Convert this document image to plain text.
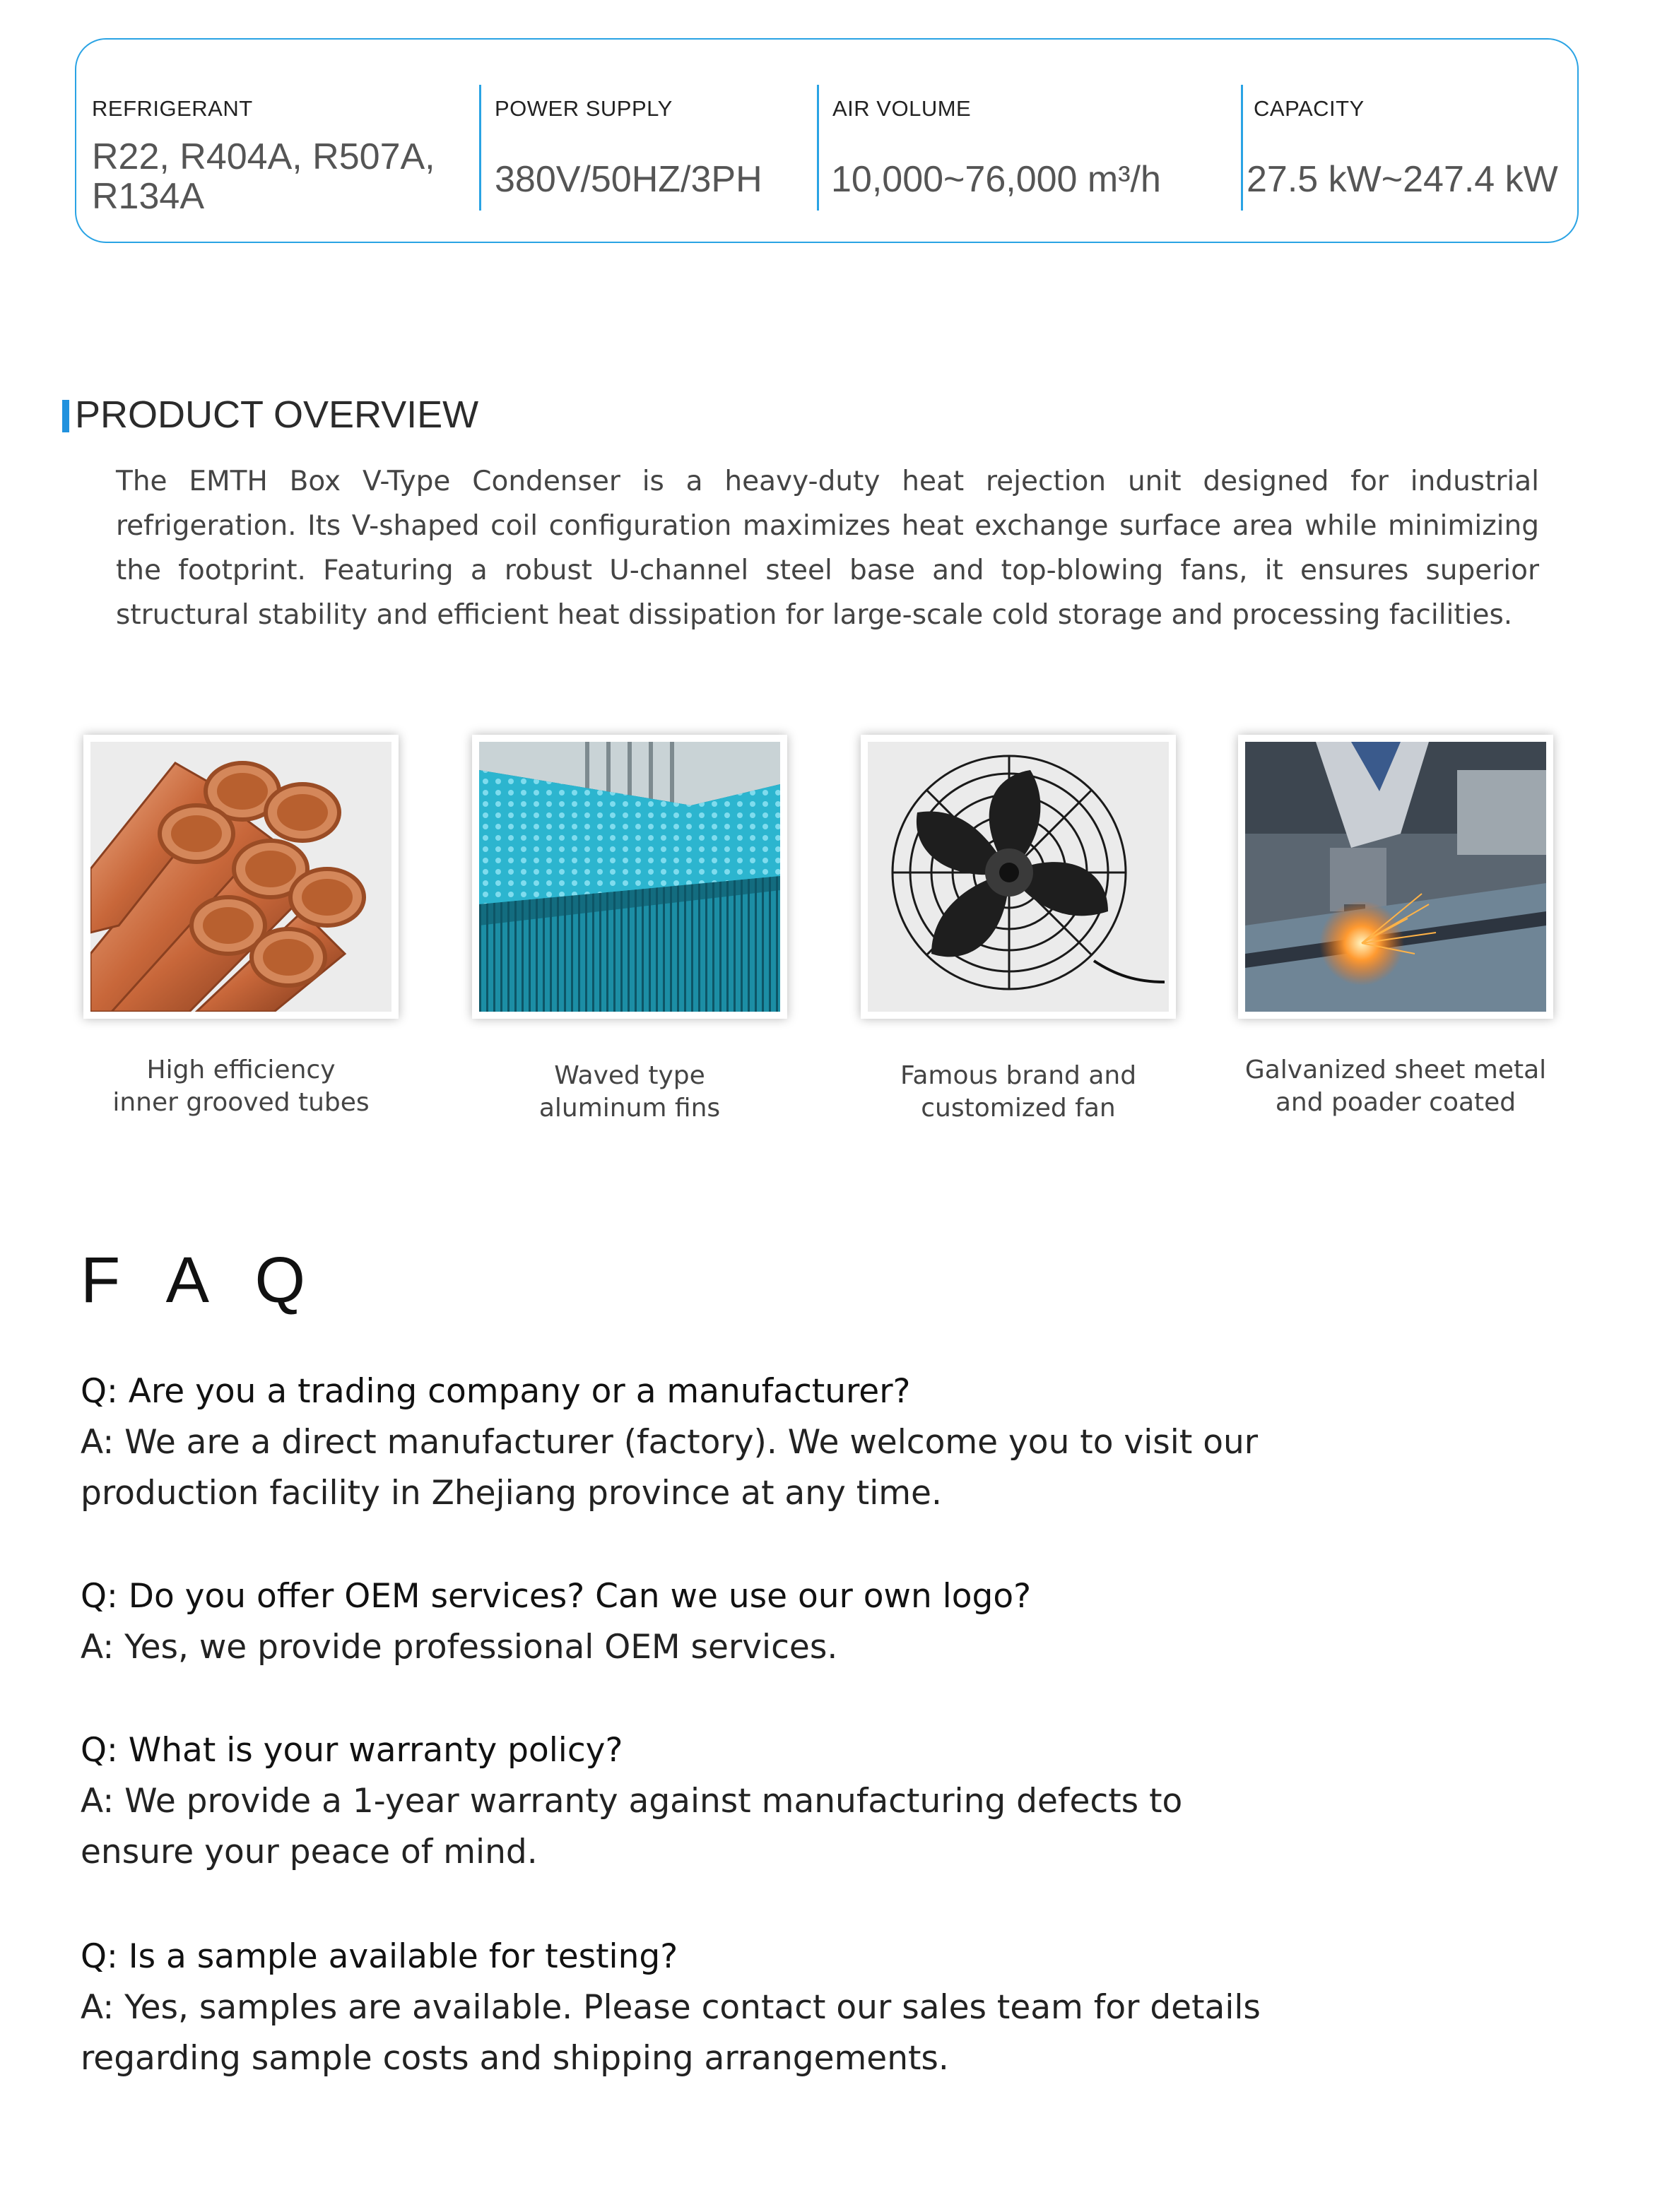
REFRIGERANT
R22, R404A, R507A,
R134A
POWER SUPPLY
380V/50HZ/3PH
AIR VOLUME
10,000~76,000 m³/h
CAPACITY
27.5 kW~247.4 kW
PRODUCT OVERVIEW

The EMTH Box V-Type Condenser is a heavy-duty heat rejection unit designed for industrial refrigeration. Its V-shaped coil configuration maximizes heat exchange surface area while minimizing the footprint. Featuring a robust U-channel steel base and top-blowing fans, it ensures superior structural stability and efficient heat dissipation for large-scale cold storage and processing facilities.

High efficiency
inner grooved tubes
Waved type
aluminum fins
Famous brand and
customized fan
Galvanized sheet metal
and poader coated
F A Q
Q: Are you a trading company or a manufacturer?
A: We are a direct manufacturer (factory). We welcome you to visit our
production facility in Zhejiang province at any time.
Q: Do you offer OEM services? Can we use our own logo?
A: Yes, we provide professional OEM services.
Q: What is your warranty policy?
A: We provide a 1-year warranty against manufacturing defects to
ensure your peace of mind.
Q: Is a sample available for testing?
A: Yes, samples are available. Please contact our sales team for details
regarding sample costs and shipping arrangements.
